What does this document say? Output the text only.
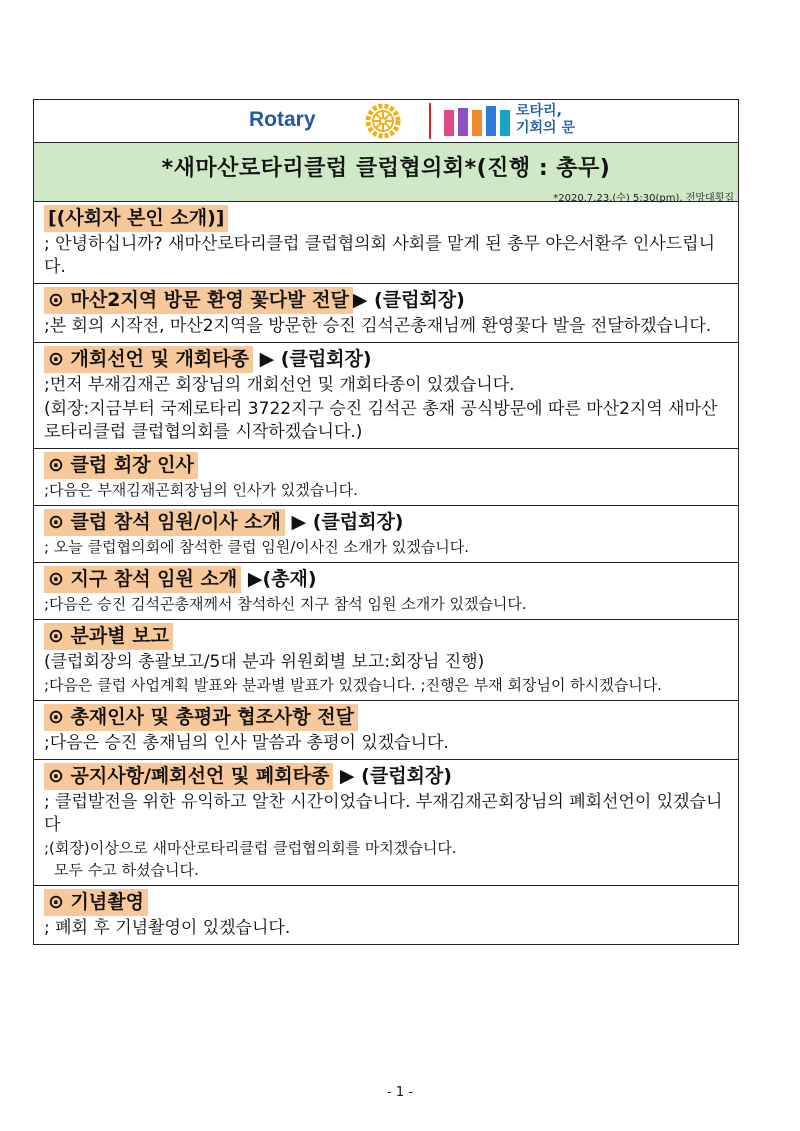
Rotary	로타리,
기회의 문
*새마산로타리클럽 클럽협의회*(진행 : 총무)
*2020.7.23.(수) 5:30(pm), 전망대횟집
[(사회자 본인 소개)]
; 안녕하십니까? 새마산로타리클럽 클럽협의회 사회를 맡게 된 총무 야은서환주 인사드립니다.
⊙ 마산2지역 방문 환영 꽃다발 전달 ▶ (클럽회장)
;본 회의 시작전, 마산2지역을 방문한 승진 김석곤총재님께 환영꽃다 발을 전달하겠습니다.
⊙ 개회선언 및 개회타종 ▶ (클럽회장)
;먼저 부재김재곤 회장님의 개회선언 및 개회타종이 있겠습니다.
(회장:지금부터 국제로타리 3722지구 승진 김석곤 총재 공식방문에 따른 마산2지역 새마산로타리클럽 클럽협의회를 시작하겠습니다.)
⊙ 클럽 회장 인사
;다음은 부재김재곤회장님의 인사가 있겠습니다.
⊙ 클럽 참석 임원/이사 소개 ▶ (클럽회장)
; 오늘 클럽협의회에 참석한 클럽 임원/이사진 소개가 있겠습니다.
⊙ 지구 참석 임원 소개 ▶(총재)
;다음은 승진 김석곤총재께서 참석하신 지구 참석 임원 소개가 있겠습니다.
⊙ 분과별 보고
(클럽회장의 총괄보고/5대 분과 위원회별 보고:회장님 진행)
;다음은 클럽 사업계획 발표와 분과별 발표가 있겠습니다. ;진행은 부재 회장님이 하시겠습니다.
⊙ 총재인사 및 총평과 협조사항 전달
;다음은 승진 총재님의 인사 말씀과 총평이 있겠습니다.
⊙ 공지사항/폐회선언 및 폐회타종 ▶ (클럽회장)
; 클럽발전을 위한 유익하고 알찬 시간이었습니다. 부재김재곤회장님의 폐회선언이 있겠습니다
;(회장)이상으로 새마산로타리클럽 클럽협의회를 마치겠습니다.
모두 수고 하셨습니다.
⊙ 기념촬영
; 폐회 후 기념촬영이 있겠습니다.
- 1 -
